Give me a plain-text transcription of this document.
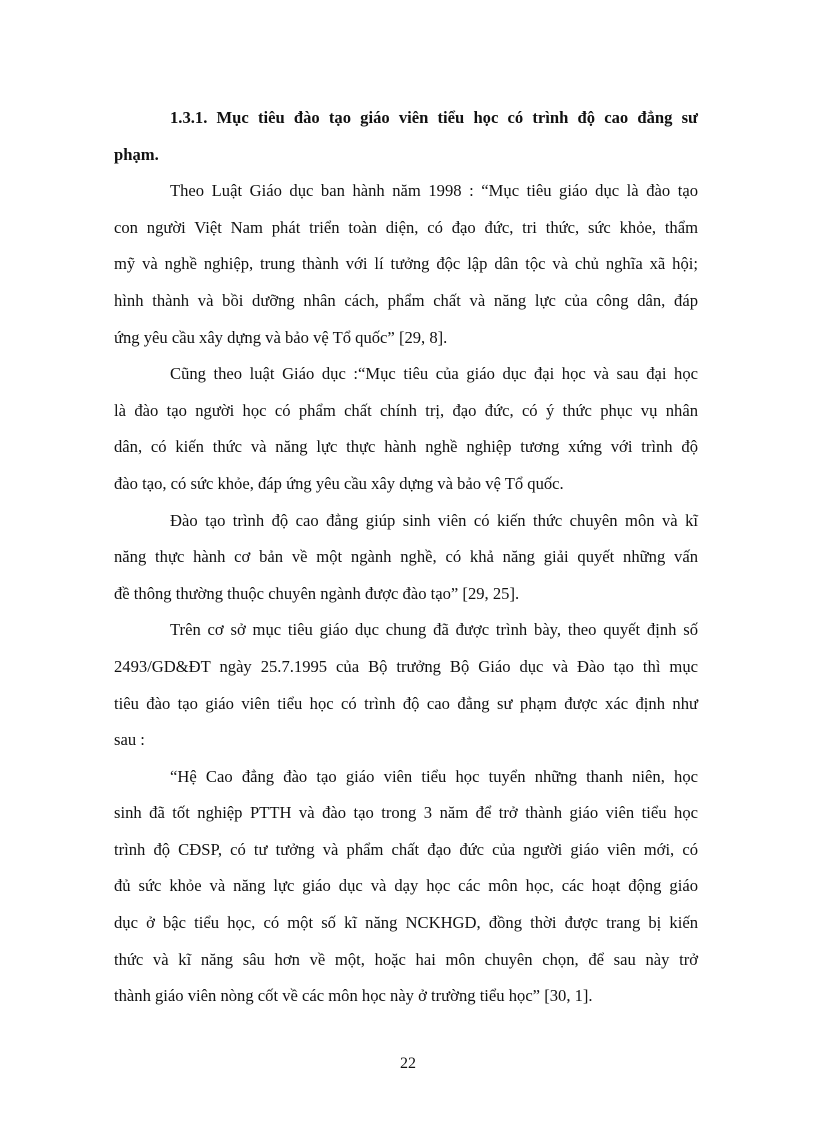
1.3.1. Mục tiêu đào tạo giáo viên tiểu học có trình độ cao đẳng sư
phạm.
Theo Luật Giáo dục ban hành năm 1998 : “Mục tiêu giáo dục là đào tạo
con người Việt Nam phát triển toàn diện, có đạo đức, tri thức, sức khỏe, thẩm
mỹ và nghề nghiệp, trung thành với lí tưởng độc lập dân tộc và chủ nghĩa xã hội;
hình thành và bồi dưỡng nhân cách, phẩm chất và năng lực của công dân, đáp
ứng yêu cầu xây dựng và bảo vệ Tổ quốc” [29, 8].
Cũng theo luật Giáo dục :“Mục tiêu của giáo dục đại học và sau đại học
là đào tạo người học có phẩm chất chính trị, đạo đức, có ý thức phục vụ nhân
dân, có kiến thức và năng lực thực hành nghề nghiệp tương xứng với trình độ
đào tạo, có sức khỏe, đáp ứng yêu cầu xây dựng và bảo vệ Tổ quốc.
Đào tạo trình độ cao đẳng giúp sinh viên có kiến thức chuyên môn và kĩ
năng thực hành cơ bản về một ngành nghề, có khả năng giải quyết những vấn
đề thông thường thuộc chuyên ngành được đào tạo” [29, 25].
Trên cơ sở mục tiêu giáo dục chung đã được trình bày, theo quyết định số
2493/GD&ĐT ngày 25.7.1995 của Bộ trưởng Bộ Giáo dục và Đào tạo thì mục
tiêu đào tạo giáo viên tiểu học có trình độ cao đẳng sư phạm được xác định như
sau :
“Hệ Cao đẳng đào tạo giáo viên tiểu học tuyển những thanh niên, học
sinh đã tốt nghiệp PTTH và đào tạo trong 3 năm để trở thành giáo viên tiểu học
trình độ CĐSP, có tư tưởng và phẩm chất đạo đức của người giáo viên mới, có
đủ sức khỏe và năng lực giáo dục và dạy học các môn học, các hoạt động giáo
dục ở bậc tiểu học, có một số kĩ năng NCKHGD, đồng thời được trang bị kiến
thức và kĩ năng sâu hơn về một, hoặc hai môn chuyên chọn, để sau này trở
thành giáo viên nòng cốt về các môn học này ở trường tiểu học” [30, 1].
22
